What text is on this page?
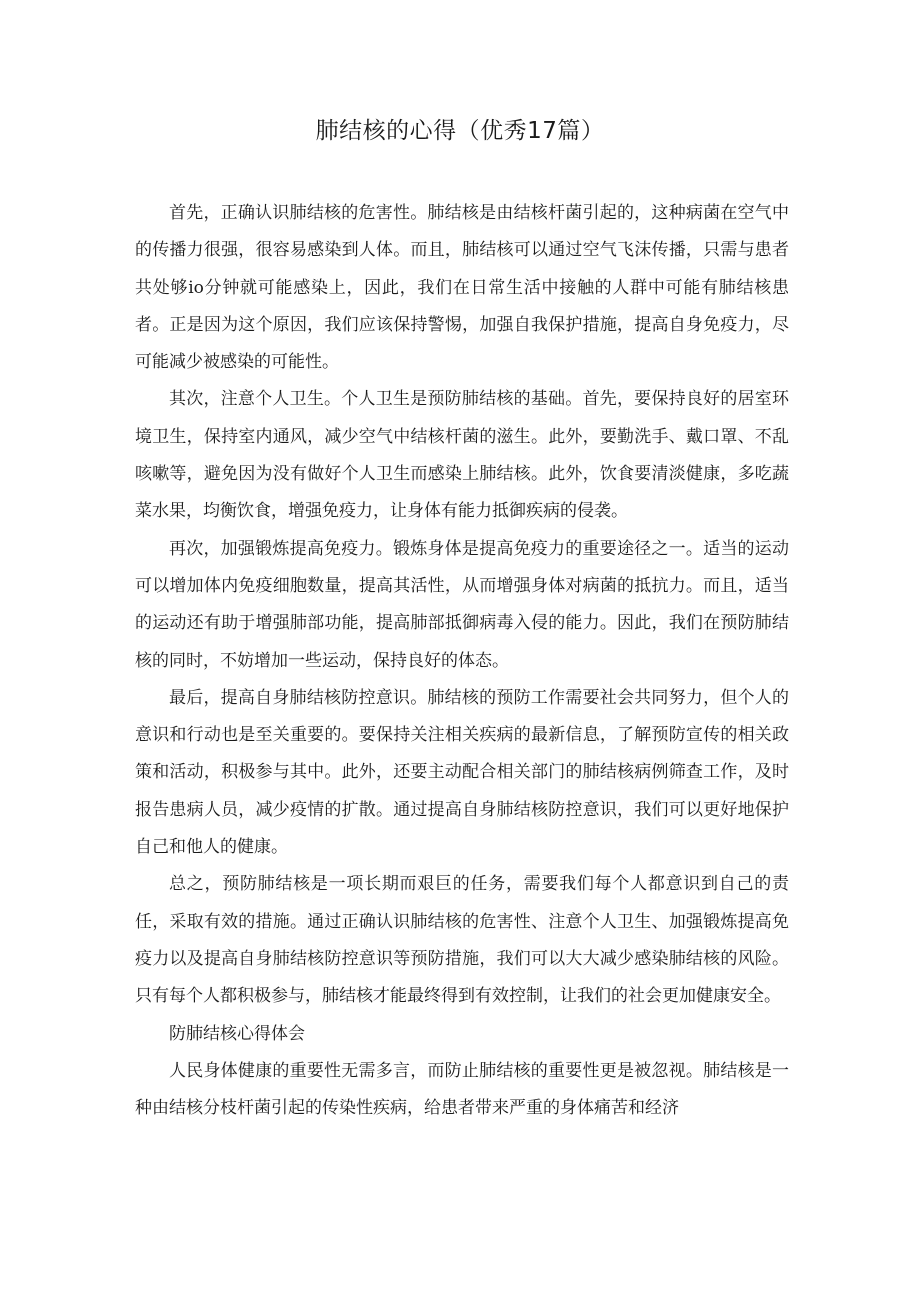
肺结核的心得（优秀17篇）

首先，正确认识肺结核的危害性。肺结核是由结核杆菌引起的，这种病菌在空气中的传播力很强，很容易感染到人体。而且，肺结核可以通过空气飞沫传播，只需与患者共处够io分钟就可能感染上，因此，我们在日常生活中接触的人群中可能有肺结核患者。正是因为这个原因，我们应该保持警惕，加强自我保护措施，提高自身免疫力，尽可能减少被感染的可能性。

其次，注意个人卫生。个人卫生是预防肺结核的基础。首先，要保持良好的居室环境卫生，保持室内通风，减少空气中结核杆菌的滋生。此外，要勤洗手、戴口罩、不乱咳嗽等，避免因为没有做好个人卫生而感染上肺结核。此外，饮食要清淡健康，多吃蔬菜水果，均衡饮食，增强免疫力，让身体有能力抵御疾病的侵袭。

再次，加强锻炼提高免疫力。锻炼身体是提高免疫力的重要途径之一。适当的运动可以增加体内免疫细胞数量，提高其活性，从而增强身体对病菌的抵抗力。而且，适当的运动还有助于增强肺部功能，提高肺部抵御病毒入侵的能力。因此，我们在预防肺结核的同时，不妨增加一些运动，保持良好的体态。

最后，提高自身肺结核防控意识。肺结核的预防工作需要社会共同努力，但个人的意识和行动也是至关重要的。要保持关注相关疾病的最新信息，了解预防宣传的相关政策和活动，积极参与其中。此外，还要主动配合相关部门的肺结核病例筛查工作，及时报告患病人员，减少疫情的扩散。通过提高自身肺结核防控意识，我们可以更好地保护自己和他人的健康。

总之，预防肺结核是一项长期而艰巨的任务，需要我们每个人都意识到自己的责任，采取有效的措施。通过正确认识肺结核的危害性、注意个人卫生、加强锻炼提高免疫力以及提高自身肺结核防控意识等预防措施，我们可以大大减少感染肺结核的风险。只有每个人都积极参与，肺结核才能最终得到有效控制，让我们的社会更加健康安全。

防肺结核心得体会

人民身体健康的重要性无需多言，而防止肺结核的重要性更是被忽视。肺结核是一种由结核分枝杆菌引起的传染性疾病，给患者带来严重的身体痛苦和经济
